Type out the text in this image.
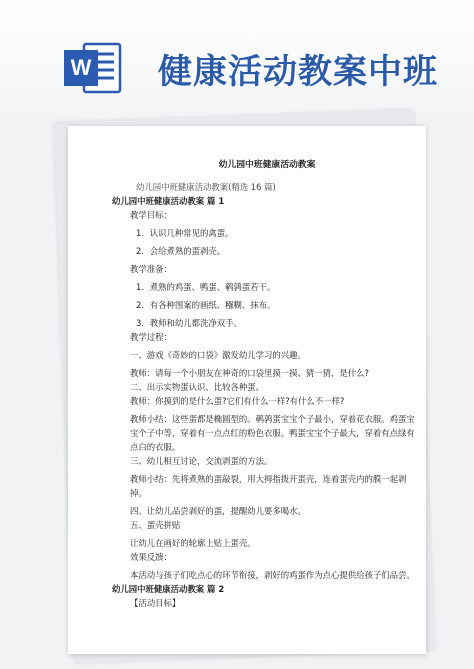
W 健康活动教案中班
幼儿园中班健康活动教案
幼儿园中班健康活动教案(精选 16 篇)
幼儿园中班健康活动教案 篇 1
教学目标：
1．认识几种常见的禽蛋。
2．会给煮熟的蛋剥壳。
教学准备：
1．煮熟的鸡蛋、鸭蛋、鹌鹑蛋若干。
2．有各种图案的画纸、糨糊、抹布。
3．教师和幼儿都洗净双手。
教学过程：
一、游戏《奇妙的口袋》激发幼儿学习的兴趣。
教师：请每一个小朋友在神奇的口袋里摸一摸、猜一猜，是什么?
二、出示实物蛋认识、比较各种蛋。
教师：你摸到的是什么蛋?它们有什么一样?有什么不一样?
教师小结：这些蛋都是椭圆型的。鹌鹑蛋宝宝个子最小，穿着花衣服。鸡蛋宝宝个子中等，穿着有一点点红的粉色衣服。鸭蛋宝宝个子最大，穿着有点绿有点白的衣服。
三、幼儿相互讨论，交流剥蛋的方法。
教师小结：先将煮熟的蛋敲裂，用大拇指拨开蛋壳，连着蛋壳内的膜一起剥掉。
四、让幼儿品尝剥好的蛋，提醒幼儿要多喝水。
五、蛋壳拼贴
让幼儿在画好的轮廓上贴上蛋壳。
效果反馈：
本活动与孩子们吃点心的环节衔接，剥好的鸡蛋作为点心提供给孩子们品尝。
幼儿园中班健康活动教案 篇 2
【活动目标】
